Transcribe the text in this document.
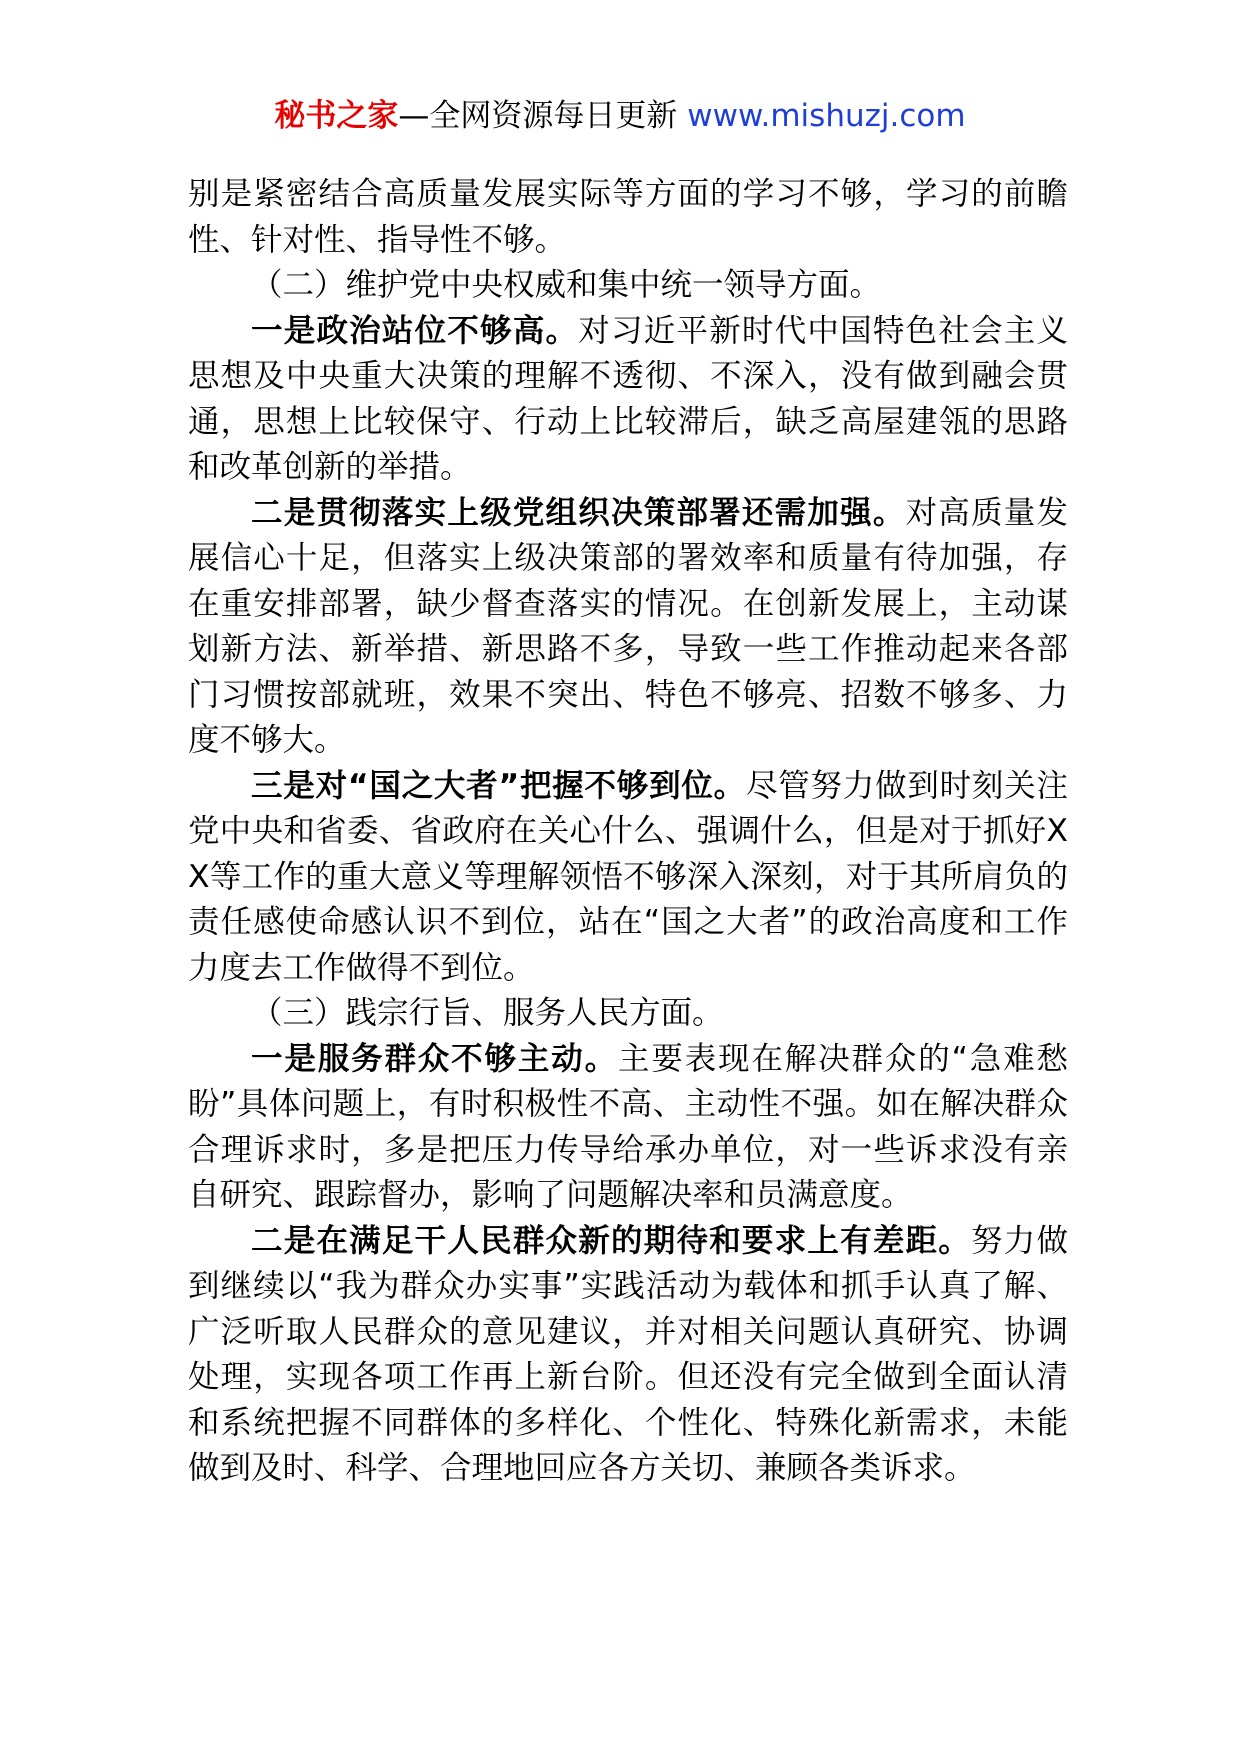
秘书之家—全网资源每日更新 www.mishuzj.com

别是紧密结合高质量发展实际等方面的学习不够，学习的前瞻性、针对性、指导性不够。

（二）维护党中央权威和集中统一领导方面。

一是政治站位不够高。对习近平新时代中国特色社会主义思想及中央重大决策的理解不透彻、不深入，没有做到融会贯通，思想上比较保守、行动上比较滞后，缺乏高屋建瓴的思路和改革创新的举措。

二是贯彻落实上级党组织决策部署还需加强。对高质量发展信心十足，但落实上级决策部的署效率和质量有待加强，存在重安排部署，缺少督查落实的情况。在创新发展上，主动谋划新方法、新举措、新思路不多，导致一些工作推动起来各部门习惯按部就班，效果不突出、特色不够亮、招数不够多、力度不够大。

三是对“国之大者”把握不够到位。尽管努力做到时刻关注党中央和省委、省政府在关心什么、强调什么，但是对于抓好XX等工作的重大意义等理解领悟不够深入深刻，对于其所肩负的责任感使命感认识不到位，站在“国之大者”的政治高度和工作力度去工作做得不到位。

（三）践宗行旨、服务人民方面。

一是服务群众不够主动。主要表现在解决群众的“急难愁盼”具体问题上，有时积极性不高、主动性不强。如在解决群众合理诉求时，多是把压力传导给承办单位，对一些诉求没有亲自研究、跟踪督办，影响了问题解决率和员满意度。

二是在满足干人民群众新的期待和要求上有差距。努力做到继续以“我为群众办实事”实践活动为载体和抓手认真了解、广泛听取人民群众的意见建议，并对相关问题认真研究、协调处理，实现各项工作再上新台阶。但还没有完全做到全面认清和系统把握不同群体的多样化、个性化、特殊化新需求，未能做到及时、科学、合理地回应各方关切、兼顾各类诉求。
